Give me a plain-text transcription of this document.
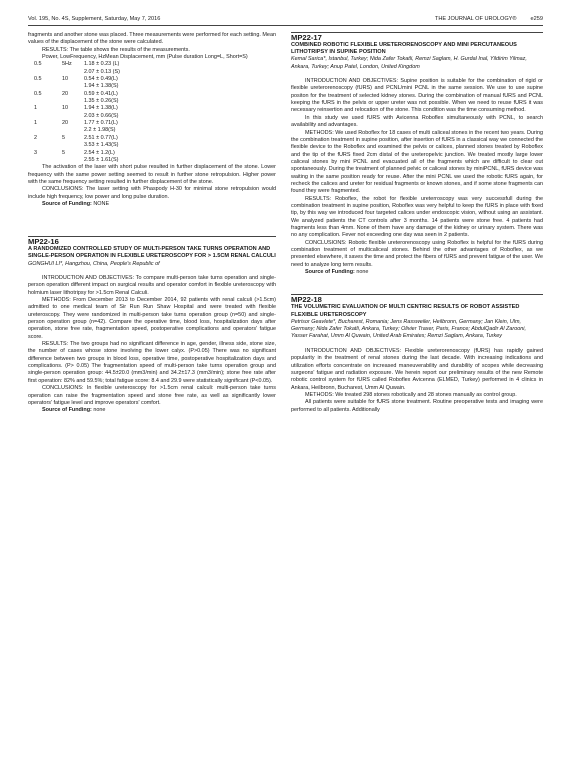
Vol. 195, No. 4S, Supplement, Saturday, May 7, 2016	THE JOURNAL OF UROLOGY®	e259

fragments and another stone was placed. Three measurements were performed for each setting. Mean values of the displacement of the stone were calculated.

RESULTS: The table shows the results of the measurements.

Power, LowFrequency, HzMean Displacement, mm (Pulse duration Long=L, Short=S)

0.5	5Hz	1.18 ± 0.23 (L)
		2.07 ± 0.13 (S)
0.5	10	0.54 ± 0.49(L)
		1.94 ± 1.38(S)
0.5	20	0.59 ± 0.41(L)
		1.35 ± 0.26(S)
1	10	1.94 ± 1.38(L)
		2.03 ± 0.66(S)
1	20	1.77 ± 0.71(L)
		2.2 ± 1.98(S)
2	5	2.51 ± 0.77(L)
		3.53 ± 1.43(S)
3	5	2.54 ± 1.2(L)
		2.55 ± 1.61(S)

The activation of the laser with short pulse resulted in further displacement of the stone. Lower frequency with the same power setting seemed to result in further stone retropulsion. Higher power with the same frequency setting resulted in further displacement of the stone.

CONCLUSIONS: The laser setting with Phaspody H-30 for minimal stone retropulsion would include high frequency, low power and long pulse duration.

Source of Funding: NONE

MP22-16

A RANDOMIZED CONTROLLED STUDY OF MULTI-PERSON TAKE TURNS OPERATION AND SINGLE-PERSON OPERATION IN FLEXIBLE URETEROSCOPY FOR > 1.5CM RENAL CALCULI

GONGHUI LI*, Hangzhou, China, People's Republic of

INTRODUCTION AND OBJECTIVES: To compare multi-person take turns operation and single-person operation different impact on surgical results and operator comfort in flexible ureteroscopy with holmium laser lithotripsy for >1.5cm Renal Calculi.

METHODS: From December 2013 to December 2014, 92 patients with renal calculi (>1.5cm) admitted to one medical team of Sir Run Run Shaw Hospital and were treated with flexible ureteroscopy. They were randomized in multi-person take turns operation group (n=50) and single-person operation group (n=42). Compare the operative time, blood loss, hospitalization days after operation, stone free rate, fragmentation speed, postoperative complications and operators' fatigue score.

RESULTS: The two groups had no significant difference in age, gender, illness side, stone size, the number of cases whose stone involving the lower calyx. (P>0.05) There was no significant difference between two groups in blood loss, operative time, postoperative hospitalization days and complications. (P> 0.05) The fragmentation speed of multi-person take turns operation group and single-person operation group: 44.5±20.0 (mm3/min) and 34.2±17.3 (mm3/min); stone free rate after first operation: 82% and 59.5%; total fatigue score: 8.4 and 29.9 were statistically significant (P<0.05).

CONCLUSIONS: In flexible ureteroscopy for >1.5cm renal calculi: multi-person take turns operation can raise the fragmentation speed and stone free rate, as well as significantly lower operators' fatigue level and improve operators' comfort.

Source of Funding: none

MP22-17

COMBINED ROBOTIC FLEXIBLE URETERORENOSCOPY AND MINI PERCUTANEOUS LITHOTRIPSY IN SUPINE POSITION

Kemal Sarica*, Istanbul, Turkey; Nida Zafer Tokatli, Remzi Saglam, H. Gurdal Inal, Yildirim Yilmaz, Ankara, Turkey; Anup Patel, London, United Kingdom

INTRODUCTION AND OBJECTIVES: Supine position is suitable for the combination of rigid or flexible ureterorenoscopy (fURS) and PCNL/mini PCNL in the same session. We use to use supine positon for the treatment of selected kidney stones. During the combination of manual fURS and PCNL keeping the fURS in the pelvis or upper ureter was not possible. When we need to reuse fURS it was necessary reinsertion and relocation of the stone. This condition was the time consuming method.

In this study we used fURS with Avicenna Roboflex simultaneously with PCNL, to search availability and advantages.

METHODS: We used Roboflex for 18 cases of multi caliceal stones in the recent two years. During the combination treatment in supine position, after insertion of fURS in a classical way we connected the flexible device to the Roboflex and examined the pelvis or calices, planned stones treated by Roboflex and the tip of the fURS fixed 2cm distal of the ureteropelvic junction. We treated mostly large lower caliceal stones by mini PCNL and evacuated all of the fragments which are difficult to clear out spontaneously. During the treatment of planned pelvic or caliceal stones by miniPCNL, fURS device was waiting in the same position ready for reuse. After the mini PCNL we used the robotic fURS again, for recheck the calices and ureter for residual fragments or known stones, and if some stone fragments can found they were fragmented.

RESULTS: Roboflex, the robot for flexible ureterroscopy was very successfull during the combination treatment in supine position, Roboflex was very helpful to keep the fURS in place with fixed tip, by this way we introduced four targeted calices under endoscopic vision, without using an assistant. We analyzed patients the CT controls after 3 months. 14 patients were stone free. 4 patients had fragments less than 4mm. None of them have any damage of the kidney or urinary system. There was no any complication. Fever not exceeding one day was seen in 2 patients.

CONCLUSIONS: Robotic flexible ureterorenoscopy using Roboflex is helpful for the fURS during combination treatment of multicaliceal stones. Behind the other advantages of Roboflex, as we presented elsewhere, it saves the time and protect the fibers of fURS and prevent fatigue of the user. We need to analyze long term results.

Source of Funding: none

MP22-18

THE VOLUMETRIC EVALUATION OF MULTI CENTRIC RESULTS OF ROBOT ASSISTED FLEXIBLE URETEROSCOPY

Petrisor Geavlete*, Bucharest, Romania; Jens Rassweiler, Heilbronn, Germany; Jan Klein, Ulm, Germany; Nida Zafer Tokatli, Ankara, Turkey; Olivier Traxer, Paris, France; AbdulQadir Al Zarooni, Yasser Farahat, Umm Al Quwain, United Arab Emirates; Remzi Saglam, Ankara, Turkey

INTRODUCTION AND OBJECTIVES: Flexible ureterorenoscopy (fURS) has rapidly gained popularity in the treatment of renal stones during the last decade. With increasing indications and utilization efforts concentrate on increased maneuverability and durability of scopes while decreasing surgeons' fatigue and radiation exposure. We herein report our preliminary results of the new Remote robotic control system for fURS called Roboflex Avicenna (ELMED, Turkey) performed in 4 clinics in Ankara, Heilbronn, Bucharest, Umm Al Quwain.

METHODS: We treated 298 stones robotically and 28 stones manually as control group.

All patients were suitable for fURS stone treatment. Routine preoperative tests and imaging were performed to all patients. Additionally
